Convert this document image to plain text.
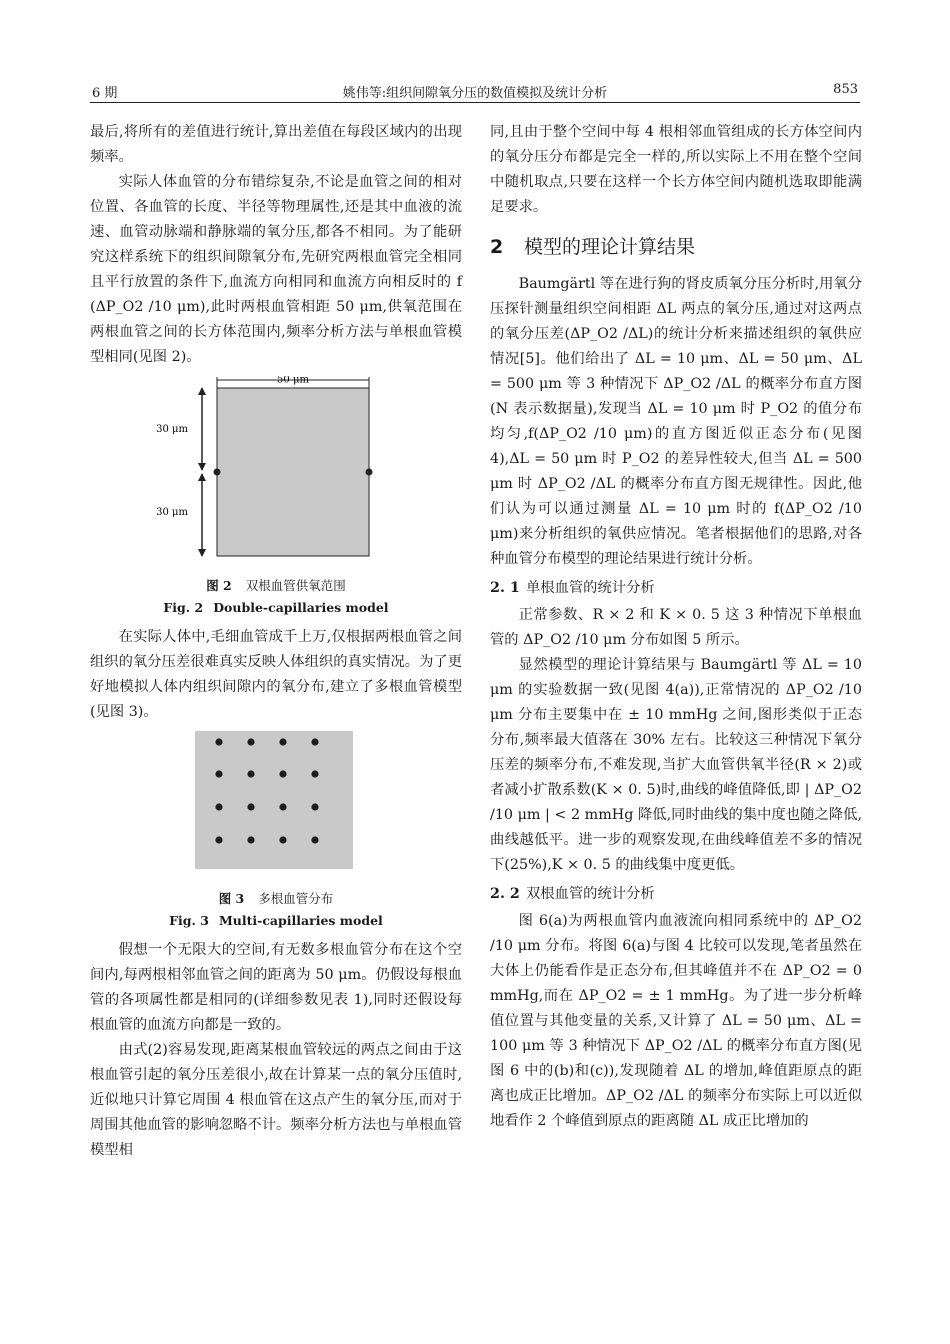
6 期	姚伟等:组织间隙氧分压的数值模拟及统计分析	853

最后,将所有的差值进行统计,算出差值在每段区域内的出现频率。

实际人体血管的分布错综复杂,不论是血管之间的相对位置、各血管的长度、半径等物理属性,还是其中血液的流速、血管动脉端和静脉端的氧分压,都各不相同。为了能研究这样系统下的组织间隙氧分布,先研究两根血管完全相同且平行放置的条件下,血流方向相同和血流方向相反时的 f (ΔP_O2 /10 μm),此时两根血管相距 50 μm,供氧范围在两根血管之间的长方体范围内,频率分析方法与单根血管模型相同(见图 2)。

50 μm
30 μm
30 μm
图 2 双根血管供氧范围
Fig. 2 Double-capillaries model

在实际人体中,毛细血管成千上万,仅根据两根血管之间组织的氧分压差很难真实反映人体组织的真实情况。为了更好地模拟人体内组织间隙内的氧分布,建立了多根血管模型(见图 3)。

图 3 多根血管分布
Fig. 3 Multi-capillaries model

假想一个无限大的空间,有无数多根血管分布在这个空间内,每两根相邻血管之间的距离为 50 μm。仍假设每根血管的各项属性都是相同的(详细参数见表 1),同时还假设每根血管的血流方向都是一致的。

由式(2)容易发现,距离某根血管较远的两点之间由于这根血管引起的氧分压差很小,故在计算某一点的氧分压值时,近似地只计算它周围 4 根血管在这点产生的氧分压,而对于周围其他血管的影响忽略不计。频率分析方法也与单根血管模型相

同,且由于整个空间中每 4 根相邻血管组成的长方体空间内的氧分压分布都是完全一样的,所以实际上不用在整个空间中随机取点,只要在这样一个长方体空间内随机选取即能满足要求。

2 模型的理论计算结果

Baumgärtl 等在进行狗的肾皮质氧分压分析时,用氧分压探针测量组织空间相距 ΔL 两点的氧分压,通过对这两点的氧分压差(ΔP_O2 /ΔL)的统计分析来描述组织的氧供应情况[5]。他们给出了 ΔL = 10 μm、ΔL = 50 μm、ΔL = 500 μm 等 3 种情况下 ΔP_O2 /ΔL 的概率分布直方图(N 表示数据量),发现当 ΔL = 10 μm 时 P_O2 的值分布均匀,f(ΔP_O2 /10 μm)的直方图近似正态分布(见图 4),ΔL = 50 μm 时 P_O2 的差异性较大,但当 ΔL = 500 μm 时 ΔP_O2 /ΔL 的概率分布直方图无规律性。因此,他们认为可以通过测量 ΔL = 10 μm 时的 f(ΔP_O2 /10 μm)来分析组织的氧供应情况。笔者根据他们的思路,对各种血管分布模型的理论结果进行统计分析。

2. 1 单根血管的统计分析

正常参数、R × 2 和 K × 0. 5 这 3 种情况下单根血管的 ΔP_O2 /10 μm 分布如图 5 所示。

显然模型的理论计算结果与 Baumgärtl 等 ΔL = 10 μm 的实验数据一致(见图 4(a)),正常情况的 ΔP_O2 /10 μm 分布主要集中在 ± 10 mmHg 之间,图形类似于正态分布,频率最大值落在 30% 左右。比较这三种情况下氧分压差的频率分布,不难发现,当扩大血管供氧半径(R × 2)或者减小扩散系数(K × 0. 5)时,曲线的峰值降低,即 | ΔP_O2 /10 μm | < 2 mmHg 降低,同时曲线的集中度也随之降低,曲线越低平。进一步的观察发现,在曲线峰值差不多的情况下(25%),K × 0. 5 的曲线集中度更低。

2. 2 双根血管的统计分析

图 6(a)为两根血管内血液流向相同系统中的 ΔP_O2 /10 μm 分布。将图 6(a)与图 4 比较可以发现,笔者虽然在大体上仍能看作是正态分布,但其峰值并不在 ΔP_O2 = 0 mmHg,而在 ΔP_O2 = ± 1 mmHg。为了进一步分析峰值位置与其他变量的关系,又计算了 ΔL = 50 μm、ΔL = 100 μm 等 3 种情况下 ΔP_O2 /ΔL 的概率分布直方图(见图 6 中的(b)和(c)),发现随着 ΔL 的增加,峰值距原点的距离也成正比增加。ΔP_O2 /ΔL 的频率分布实际上可以近似地看作 2 个峰值到原点的距离随 ΔL 成正比增加的
